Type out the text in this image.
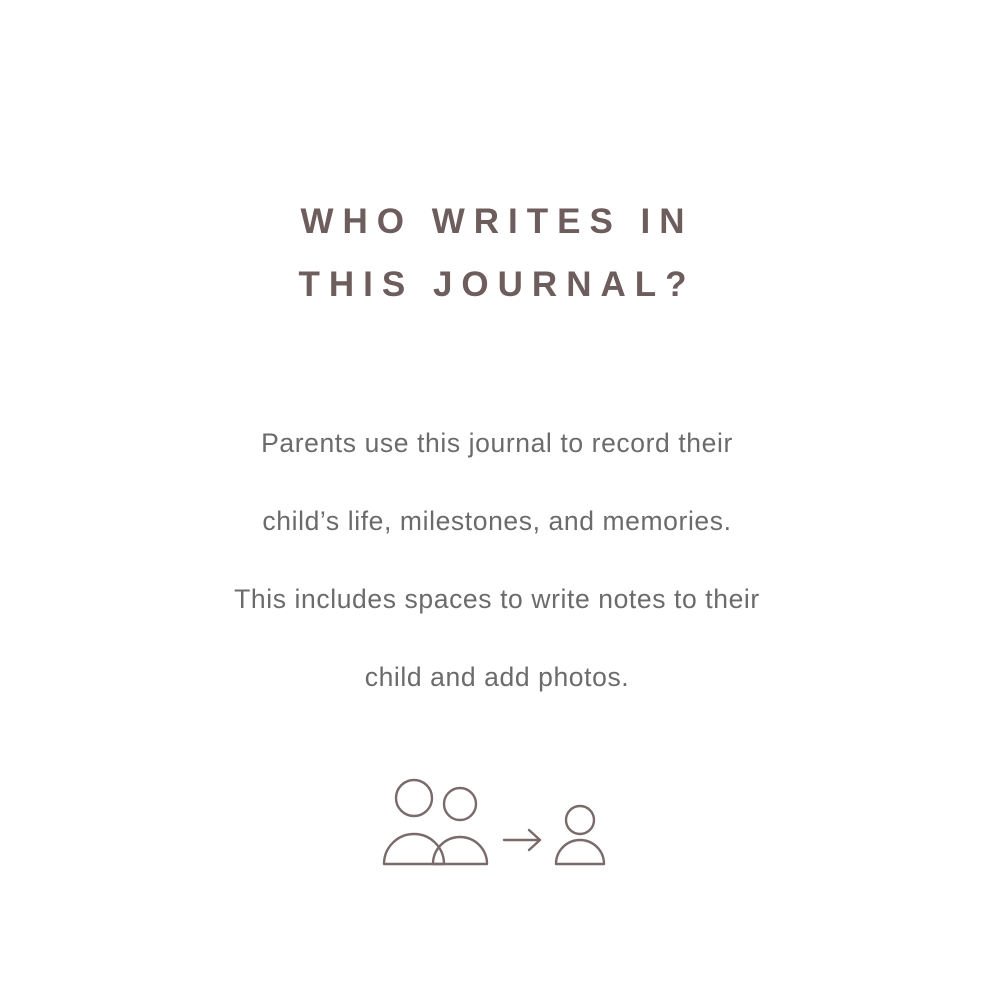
WHO WRITES IN
THIS JOURNAL?
Parents use this journal to record their
child’s life, milestones, and memories.
This includes spaces to write notes to their
child and add photos.
